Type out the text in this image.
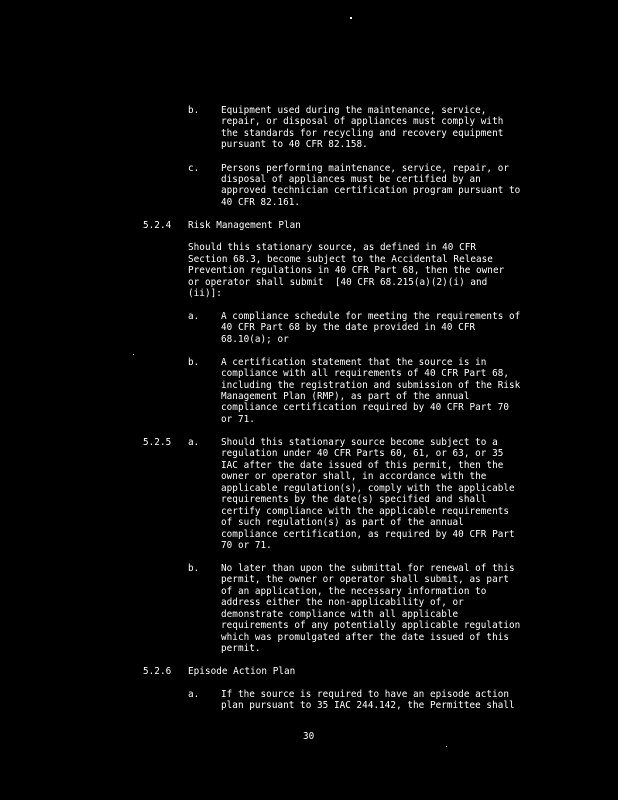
b. Equipment used during the maintenance, service,
repair, or disposal of appliances must comply with
the standards for recycling and recovery equipment
pursuant to 40 CFR 82.158.
c. Persons performing maintenance, service, repair, or
disposal of appliances must be certified by an
approved technician certification program pursuant to
40 CFR 82.161.
5.2.4 Risk Management Plan
Should this stationary source, as defined in 40 CFR
Section 68.3, become subject to the Accidental Release
Prevention regulations in 40 CFR Part 68, then the owner
or operator shall submit  [40 CFR 68.215(a)(2)(i) and
(ii)]:
a. A compliance schedule for meeting the requirements of
40 CFR Part 68 by the date provided in 40 CFR
68.10(a); or
b. A certification statement that the source is in
compliance with all requirements of 40 CFR Part 68,
including the registration and submission of the Risk
Management Plan (RMP), as part of the annual
compliance certification required by 40 CFR Part 70
or 71.
5.2.5 a. Should this stationary source become subject to a
regulation under 40 CFR Parts 60, 61, or 63, or 35
IAC after the date issued of this permit, then the
owner or operator shall, in accordance with the
applicable regulation(s), comply with the applicable
requirements by the date(s) specified and shall
certify compliance with the applicable requirements
of such regulation(s) as part of the annual
compliance certification, as required by 40 CFR Part
70 or 71.
b. No later than upon the submittal for renewal of this
permit, the owner or operator shall submit, as part
of an application, the necessary information to
address either the non-applicability of, or
demonstrate compliance with all applicable
requirements of any potentially applicable regulation
which was promulgated after the date issued of this
permit.
5.2.6 Episode Action Plan
a. If the source is required to have an episode action
plan pursuant to 35 IAC 244.142, the Permittee shall
30
